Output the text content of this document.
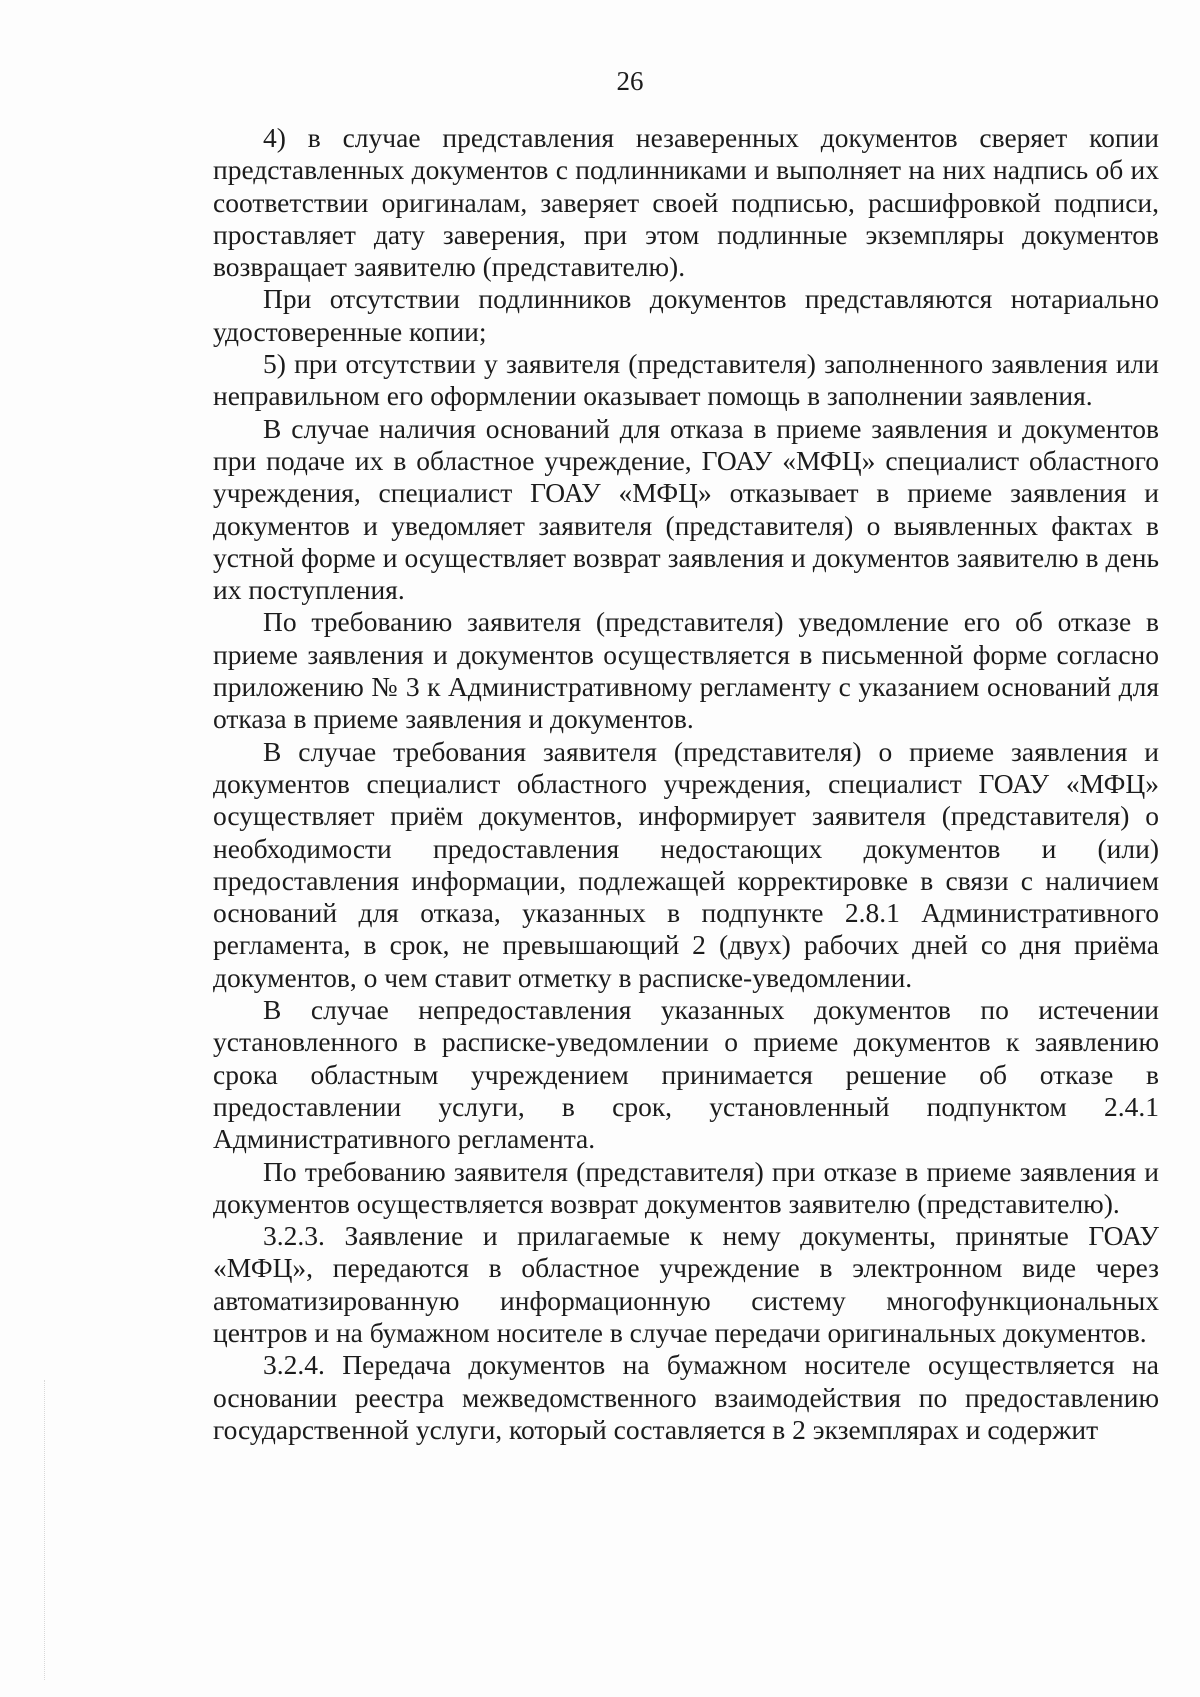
26

4) в случае представления незаверенных документов сверяет копии представленных документов с подлинниками и выполняет на них надпись об их соответствии оригиналам, заверяет своей подписью, расшифровкой подписи, проставляет дату заверения, при этом подлинные экземпляры документов возвращает заявителю (представителю).

При отсутствии подлинников документов представляются нотариально удостоверенные копии;

5) при отсутствии у заявителя (представителя) заполненного заявления или неправильном его оформлении оказывает помощь в заполнении заявления.

В случае наличия оснований для отказа в приеме заявления и документов при подаче их в областное учреждение, ГОАУ «МФЦ» специалист областного учреждения, специалист ГОАУ «МФЦ» отказывает в приеме заявления и документов и уведомляет заявителя (представителя) о выявленных фактах в устной форме и осуществляет возврат заявления и документов заявителю в день их поступления.

По требованию заявителя (представителя) уведомление его об отказе в приеме заявления и документов осуществляется в письменной форме согласно приложению № 3 к Административному регламенту с указанием оснований для отказа в приеме заявления и документов.

В случае требования заявителя (представителя) о приеме заявления и документов специалист областного учреждения, специалист ГОАУ «МФЦ» осуществляет приём документов, информирует заявителя (представителя) о необходимости предоставления недостающих документов и (или) предоставления информации, подлежащей корректировке в связи с наличием оснований для отказа, указанных в подпункте 2.8.1 Административного регламента, в срок, не превышающий 2 (двух) рабочих дней со дня приёма документов, о чем ставит отметку в расписке-уведомлении.

В случае непредоставления указанных документов по истечении установленного в расписке-уведомлении о приеме документов к заявлению срока областным учреждением принимается решение об отказе в предоставлении услуги, в срок, установленный подпунктом 2.4.1 Административного регламента.

По требованию заявителя (представителя) при отказе в приеме заявления и документов осуществляется возврат документов заявителю (представителю).

3.2.3. Заявление и прилагаемые к нему документы, принятые ГОАУ «МФЦ», передаются в областное учреждение в электронном виде через автоматизированную информационную систему многофункциональных центров и на бумажном носителе в случае передачи оригинальных документов.

3.2.4. Передача документов на бумажном носителе осуществляется на основании реестра межведомственного взаимодействия по предоставлению государственной услуги, который составляется в 2 экземплярах и содержит
